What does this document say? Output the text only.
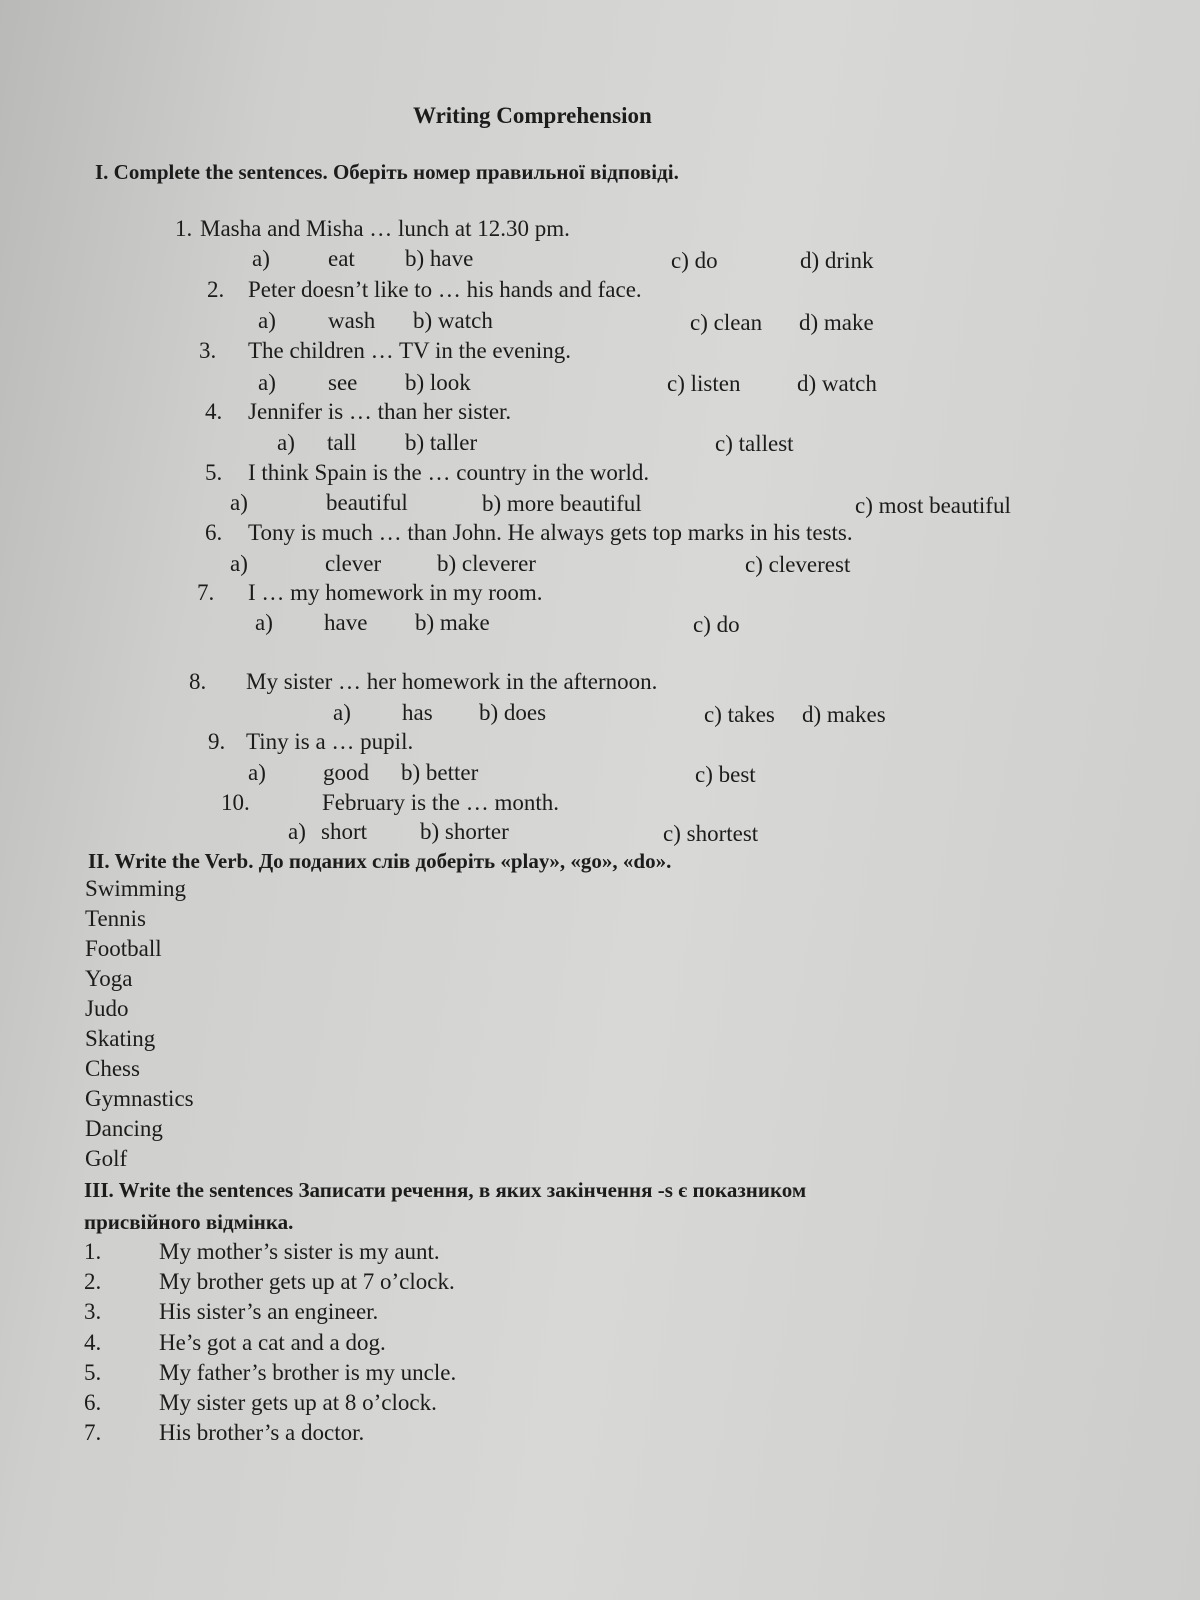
Writing Comprehension
I. Complete the sentences. Оберіть номер правильної відповіді.
1. Masha and Misha … lunch at 12.30 pm.
a)	eat b) have	c) do	d) drink
2. Peter doesn’t like to … his hands and face.
a) wash b) watch	c) clean d) make
3. The children … TV in the evening.
a) see b) look	c) listen d) watch
4. Jennifer is … than her sister.
a) tall b) taller	c) tallest
5. I think Spain is the … country in the world.
a)	beautiful	b) more beautiful	c) most beautiful
6. Tony is much … than John. He always gets top marks in his tests.
a)	clever b) cleverer	c) cleverest
7. I … my homework in my room.
a) have b) make	c) do
8. My sister … her homework in the afternoon.
a) has b) does	c) takes d) makes
9. Tiny is a … pupil.
a) good b) better	c) best
10.	February is the … month.
a) short b) shorter	c) shortest
II. Write the Verb. До поданих слів доберіть «play», «go», «do».
Swimming
Tennis
Football
Yoga
Judo
Skating
Chess
Gymnastics
Dancing
Golf
III. Write the sentences Записати речення, в яких закінчення -s є показником
присвійного відмінка.
1.	My mother’s sister is my aunt.
2.	My brother gets up at 7 o’clock.
3.	His sister’s an engineer.
4.	He’s got a cat and a dog.
5.	My father’s brother is my uncle.
6.	My sister gets up at 8 o’clock.
7.	His brother’s a doctor.
